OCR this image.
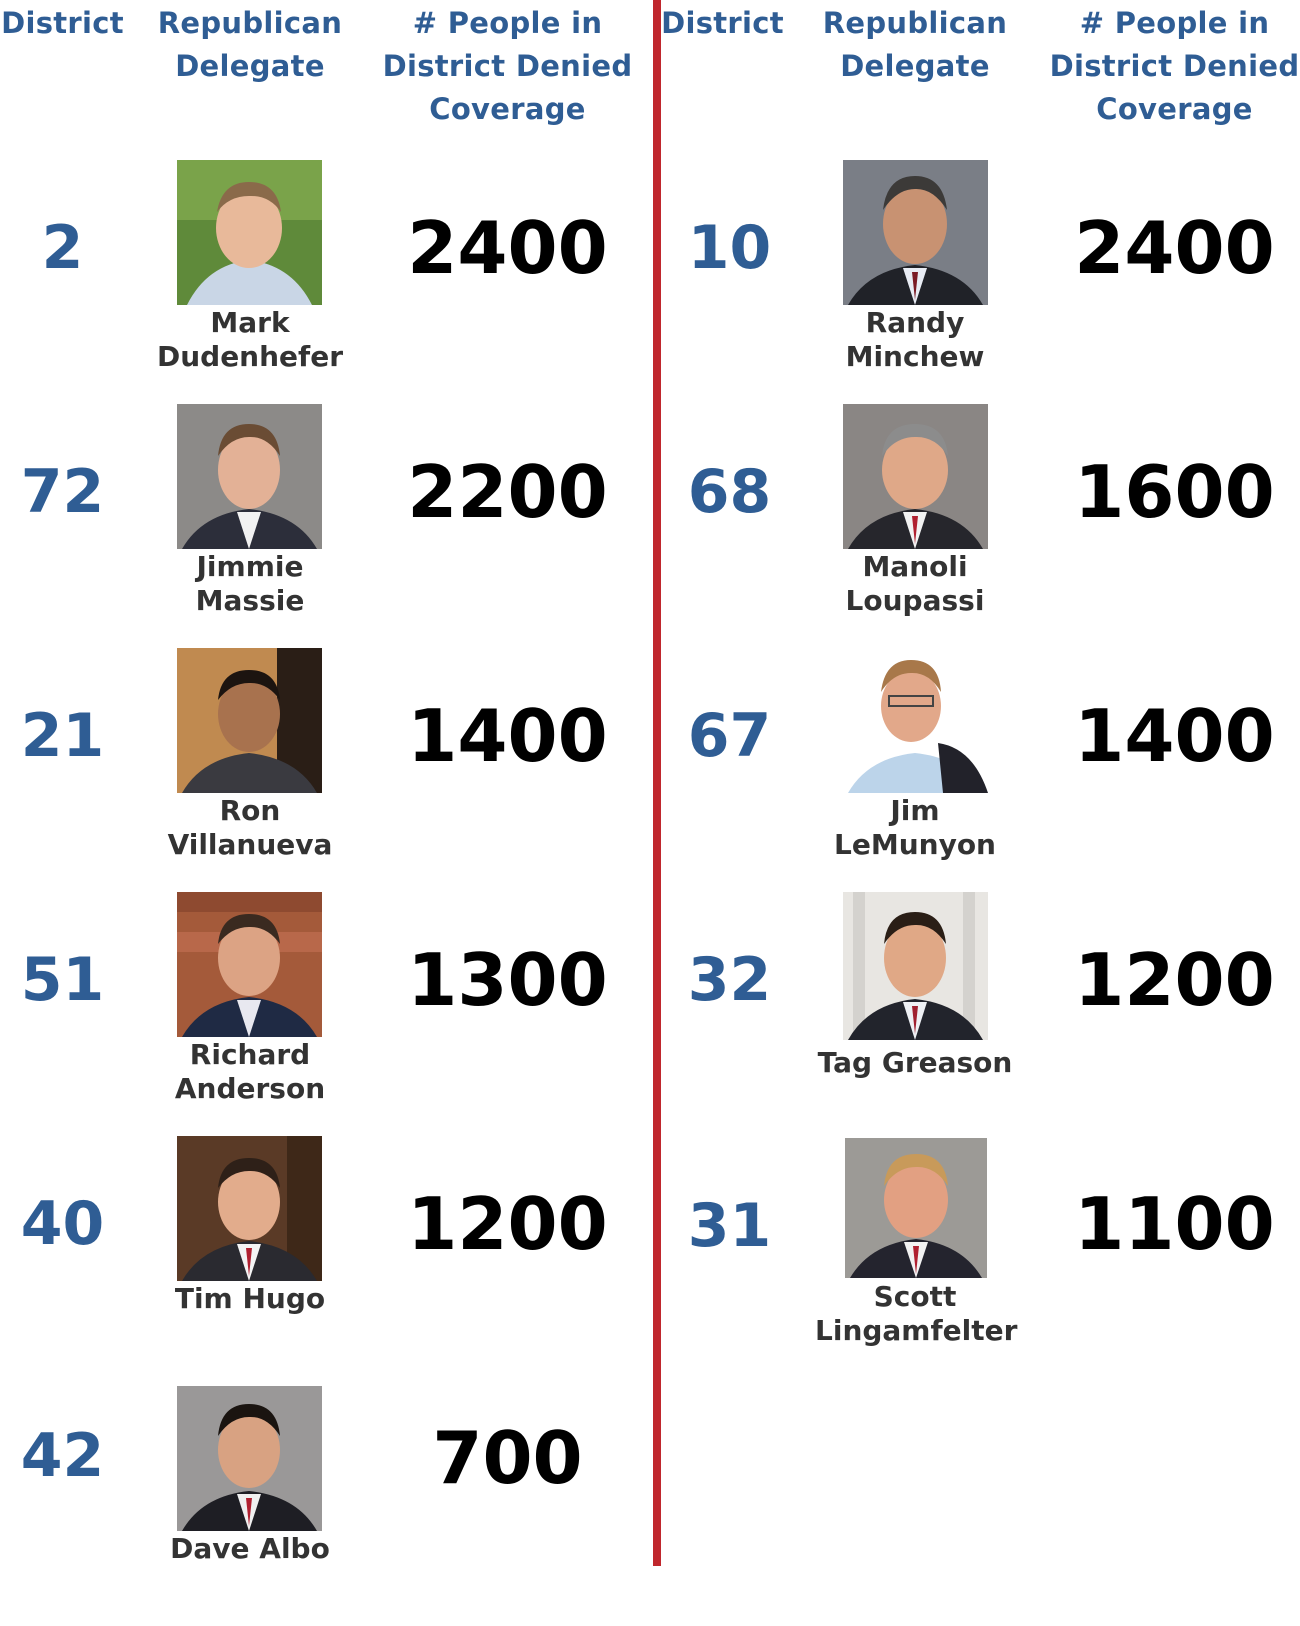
District Republican
Delegate
# People in
District Denied
Coverage
2
Mark
Dudenhefer
2400
72
Jimmie
Massie
2200
21
Ron
Villanueva
1400
51
Richard
Anderson
1300
40
Tim Hugo
1200
42
Dave Albo
700
District Republican
Delegate
# People in
District Denied
Coverage
10
Randy
Minchew
2400
68
Manoli
Loupassi
1600
67
Jim
LeMunyon
1400
32
Tag Greason
1200
31
Scott
Lingamfelter
1100
